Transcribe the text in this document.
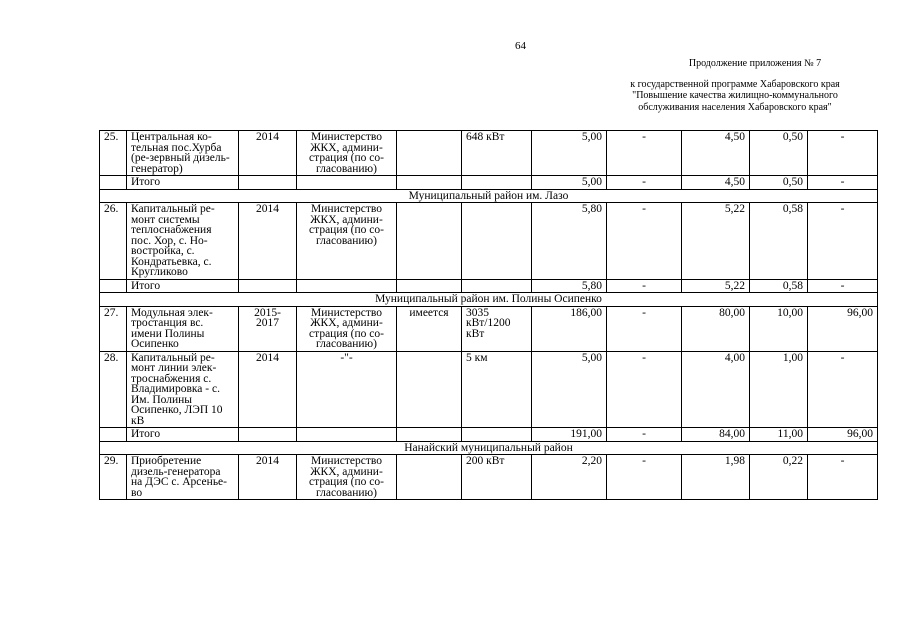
64
Продолжение приложения № 7
к государственной программе Хабаровского края
"Повышение качества жилищно-коммунального
обслуживания населения Хабаровского края"
25.	Центральная ко-тельная пос.Хурба (ре-зервный дизель-генератор)	2014	Министерство ЖКХ, админи-страция (по со-гласованию)		648 кВт	5,00	-	4,50	0,50	-
	Итого					5,00	-	4,50	0,50	-
Муниципальный район им. Лазо										
26.	Капитальный ре-монт системы теплоснабжения пос. Хор, с. Но-востройка, с. Кондратьевка, с. Кругликово	2014	Министерство ЖКХ, админи-страция (по со-гласованию)			5,80	-	5,22	0,58	-
	Итого					5,80	-	5,22	0,58	-
Муниципальный район им. Полины Осипенко										
27.	Модульная элек-тростанция вс. имени Полины Осипенко	2015-2017	Министерство ЖКХ, админи-страция (по со-гласованию)	имеется	3035 кВт/1200 кВт	186,00	-	80,00	10,00	96,00
28.	Капитальный ре-монт линии элек-троснабжения с. Владимировка - с. Им. Полины Осипенко, ЛЭП 10 кВ	2014	-"-		5 км	5,00	-	4,00	1,00	-
	Итого					191,00	-	84,00	11,00	96,00
Нанайский муниципальный район										
29.	Приобретение дизель-генератора на ДЭС с. Арсенье-во	2014	Министерство ЖКХ, админи-страция (по со-гласованию)		200 кВт	2,20	-	1,98	0,22	-
